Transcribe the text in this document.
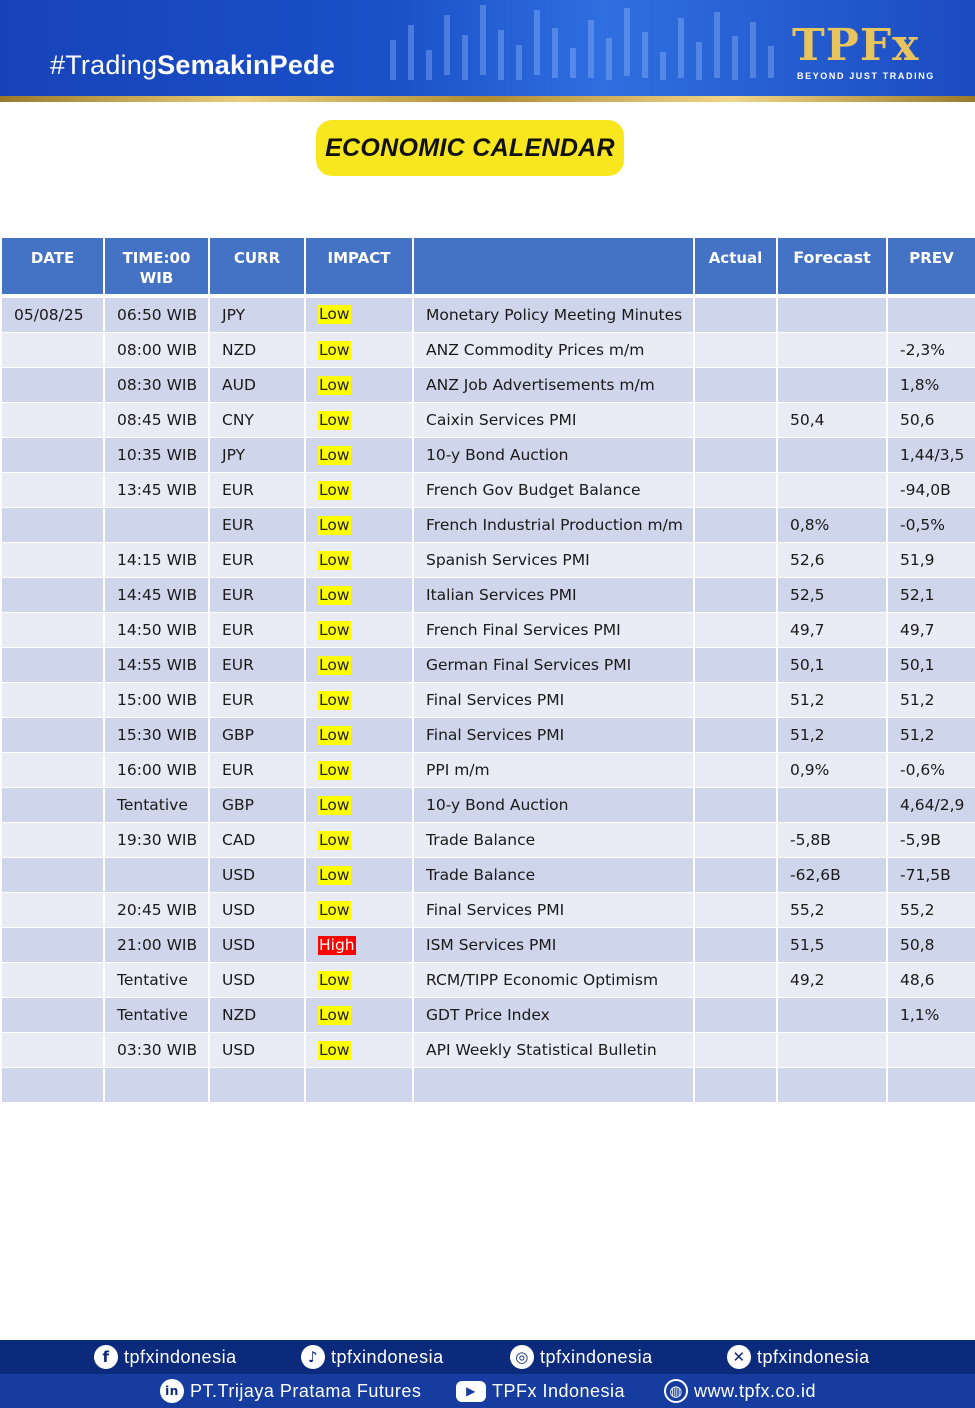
#TradingSemakinPede	TPFx
BEYOND JUST TRADING
ECONOMIC CALENDAR
DATE	TIME:00 WIB	CURR	IMPACT		Actual	Forecast	PREV

05/08/25	06:50 WIB	JPY	Low	Monetary Policy Meeting Minutes			
	08:00 WIB	NZD	Low	ANZ Commodity Prices m/m			-2,3%
	08:30 WIB	AUD	Low	ANZ Job Advertisements m/m			1,8%
	08:45 WIB	CNY	Low	Caixin Services PMI		50,4	50,6
	10:35 WIB	JPY	Low	10-y Bond Auction			1,44/3,5
	13:45 WIB	EUR	Low	French Gov Budget Balance			-94,0B
		EUR	Low	French Industrial Production m/m		0,8%	-0,5%
	14:15 WIB	EUR	Low	Spanish Services PMI		52,6	51,9
	14:45 WIB	EUR	Low	Italian Services PMI		52,5	52,1
	14:50 WIB	EUR	Low	French Final Services PMI		49,7	49,7
	14:55 WIB	EUR	Low	German Final Services PMI		50,1	50,1
	15:00 WIB	EUR	Low	Final Services PMI		51,2	51,2
	15:30 WIB	GBP	Low	Final Services PMI		51,2	51,2
	16:00 WIB	EUR	Low	PPI m/m		0,9%	-0,6%
	Tentative	GBP	Low	10-y Bond Auction			4,64/2,9
	19:30 WIB	CAD	Low	Trade Balance		-5,8B	-5,9B
		USD	Low	Trade Balance		-62,6B	-71,5B
	20:45 WIB	USD	Low	Final Services PMI		55,2	55,2
	21:00 WIB	USD	High	ISM Services PMI		51,5	50,8
	Tentative	USD	Low	RCM/TIPP Economic Optimism		49,2	48,6
	Tentative	NZD	Low	GDT Price Index			1,1%
	03:30 WIB	USD	Low	API Weekly Statistical Bulletin			

f tpfxindonesia	♪ tpfxindonesia	◎ tpfxindonesia	✕ tpfxindonesia
in PT.Trijaya Pratama Futures	▶ TPFx Indonesia	◍ www.tpfx.co.id
